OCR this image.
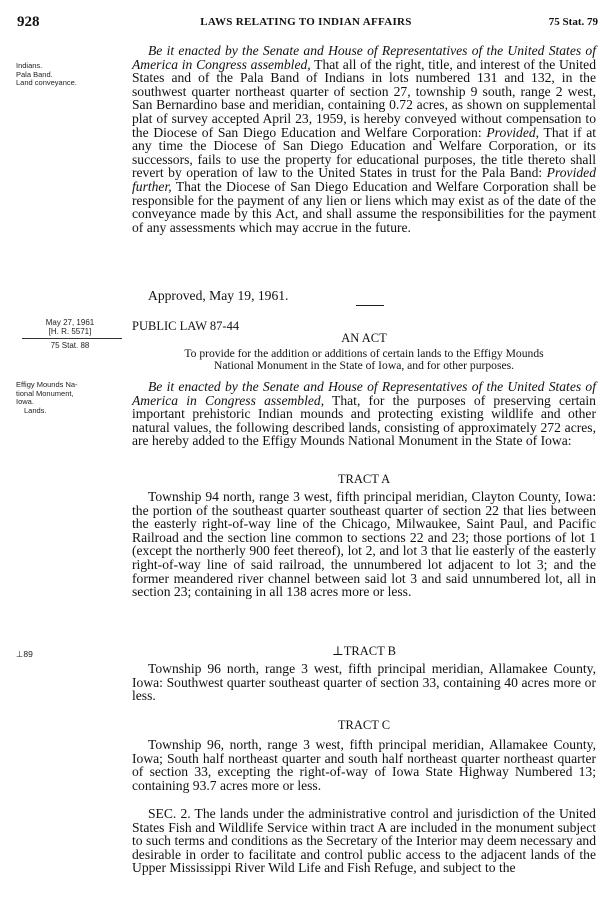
928	LAWS RELATING TO INDIAN AFFAIRS	75 Stat. 79
Indians.
Pala Band.
Land conveyance.
May 27, 1961
[H. R. 5571]
75 Stat. 88
Effigy Mounds Na-
tional Monument,
Iowa.
Lands.
⊥89

Be it enacted by the Senate and House of Representatives of the United States of America in Congress assembled, That all of the right, title, and interest of the United States and of the Pala Band of Indians in lots numbered 131 and 132, in the southwest quarter northeast quarter of section 27, township 9 south, range 2 west, San Bernardino base and meridian, containing 0.72 acres, as shown on supplemental plat of survey accepted April 23, 1959, is hereby conveyed without compensation to the Diocese of San Diego Education and Welfare Corporation: Provided, That if at any time the Diocese of San Diego Education and Welfare Corporation, or its successors, fails to use the property for educational purposes, the title thereto shall revert by operation of law to the United States in trust for the Pala Band: Provided further, That the Diocese of San Diego Education and Welfare Corporation shall be responsible for the payment of any lien or liens which may exist as of the date of the conveyance made by this Act, and shall assume the responsibilities for the payment of any assessments which may accrue in the future.

Approved, May 19, 1961.

PUBLIC LAW 87-44
AN ACT

To provide for the addition or additions of certain lands to the Effigy Mounds

National Monument in the State of Iowa, and for other purposes.

Be it enacted by the Senate and House of Representatives of the United States of America in Congress assembled, That, for the purposes of preserving certain important prehistoric Indian mounds and protecting existing wildlife and other natural values, the following described lands, consisting of approximately 272 acres, are hereby added to the Effigy Mounds National Monument in the State of Iowa:

TRACT A

Township 94 north, range 3 west, fifth principal meridian, Clayton County, Iowa: the portion of the southeast quarter southeast quarter of section 22 that lies between the easterly right-of-way line of the Chicago, Milwaukee, Saint Paul, and Pacific Railroad and the section line common to sections 22 and 23; those portions of lot 1 (except the northerly 900 feet thereof), lot 2, and lot 3 that lie easterly of the easterly right-of-way line of said railroad, the unnumbered lot adjacent to lot 3; and the former meandered river channel between said lot 3 and said unnumbered lot, all in section 23; containing in all 138 acres more or less.

⊥TRACT B

Township 96 north, range 3 west, fifth principal meridian, Allamakee County, Iowa: Southwest quarter southeast quarter of section 33, containing 40 acres more or less.

TRACT C

Township 96, north, range 3 west, fifth principal meridian, Allamakee County, Iowa; South half northeast quarter and south half northeast quarter northeast quarter of section 33, excepting the right-of-way of Iowa State Highway Numbered 13; containing 93.7 acres more or less.

SEC. 2. The lands under the administrative control and jurisdiction of the United States Fish and Wildlife Service within tract A are included in the monument subject to such terms and conditions as the Secretary of the Interior may deem necessary and desirable in order to facilitate and control public access to the adjacent lands of the Upper Mississippi River Wild Life and Fish Refuge, and subject to the
